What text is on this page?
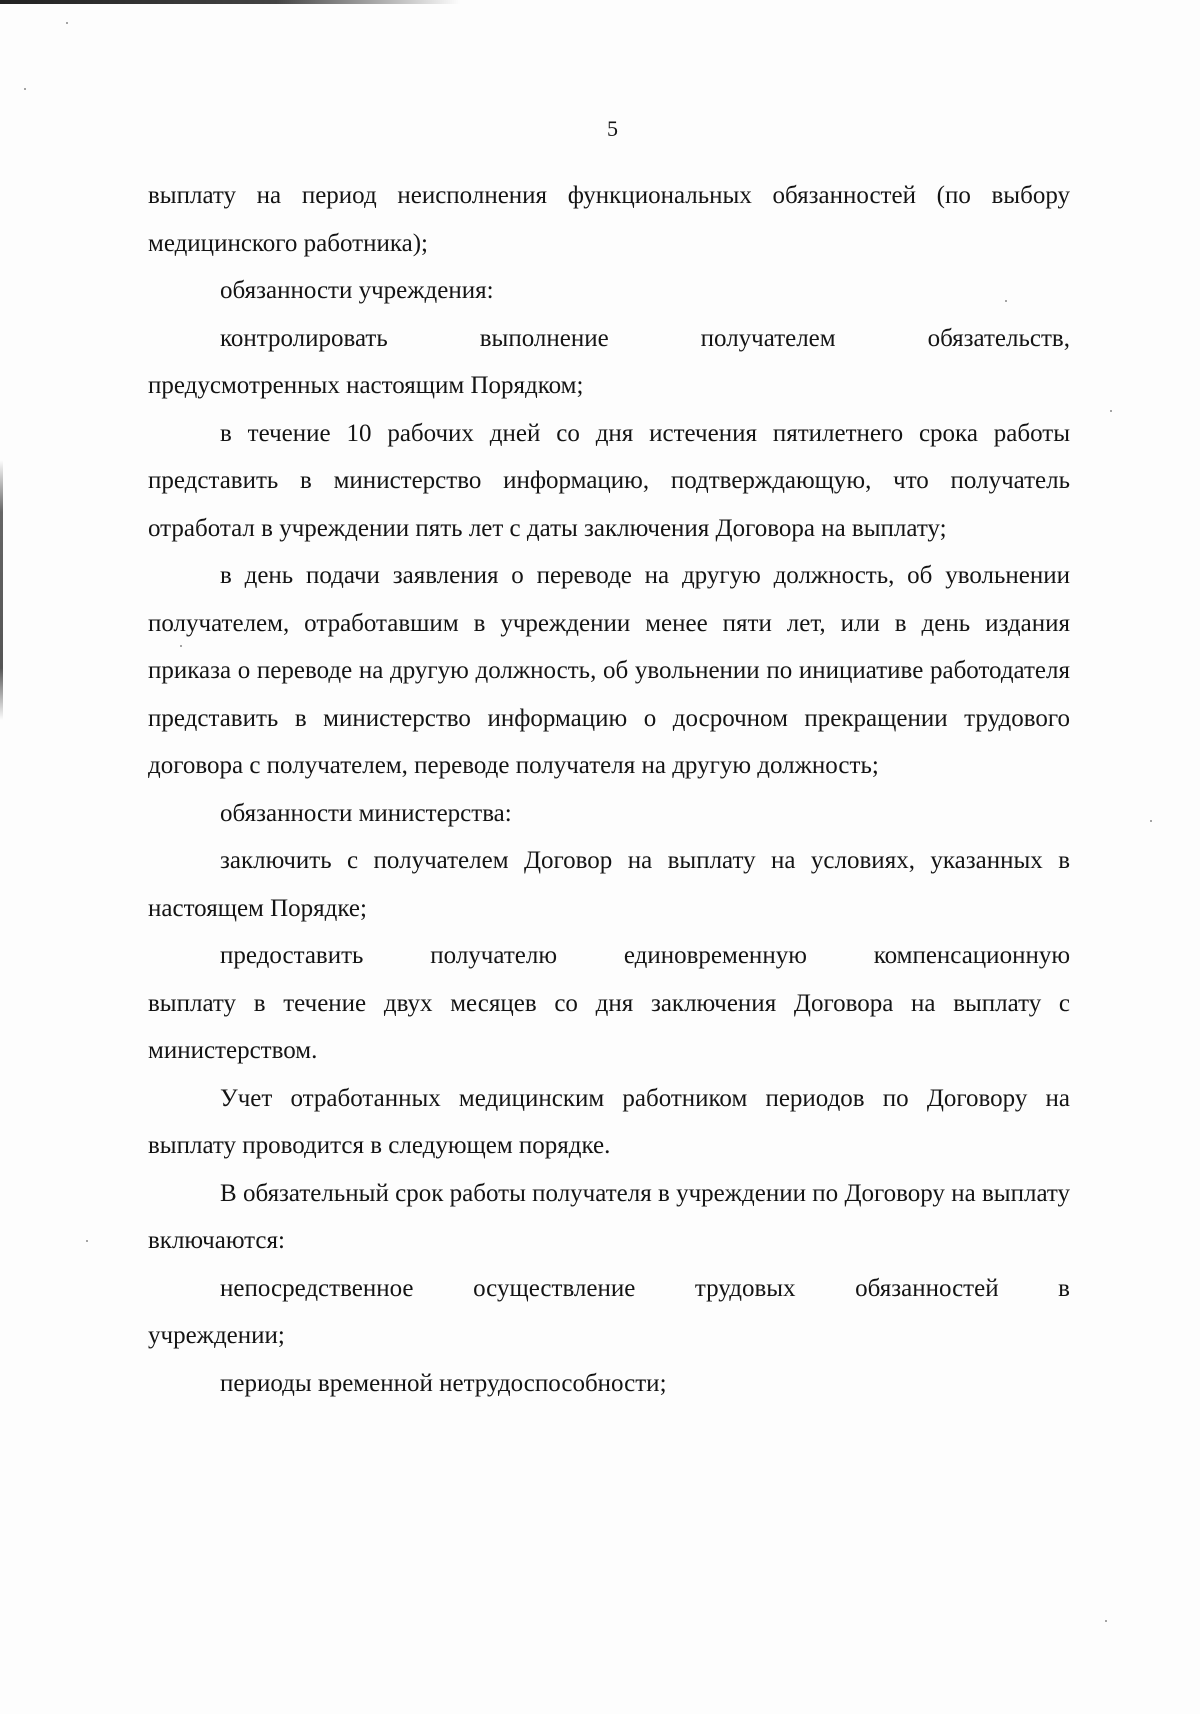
5

выплату на период неисполнения функциональных обязанностей (по выбору медицинского работника);

обязанности учреждения:

контролировать	выполнение	получателем	обязательств,
предусмотренных настоящим Порядком;

в течение 10 рабочих дней со дня истечения пятилетнего срока работы представить в министерство информацию, подтверждающую, что получатель отработал в учреждении пять лет с даты заключения Договора на выплату;

в день подачи заявления о переводе на другую должность, об увольнении получателем, отработавшим в учреждении менее пяти лет, или в день издания приказа о переводе на другую должность, об увольнении по инициативе работодателя представить в министерство информацию о досрочном прекращении трудового договора с получателем, переводе получателя на другую должность;

обязанности министерства:

заключить с получателем Договор на выплату на условиях, указанных в настоящем Порядке;

предоставить	получателю	единовременную	компенсационную
выплату в течение двух месяцев со дня заключения Договора на выплату с министерством.

Учет отработанных медицинским работником периодов по Договору на выплату проводится в следующем порядке.

В обязательный срок работы получателя в учреждении по Договору на выплату включаются:

непосредственное осуществление трудовых обязанностей в
учреждении;

периоды временной нетрудоспособности;
